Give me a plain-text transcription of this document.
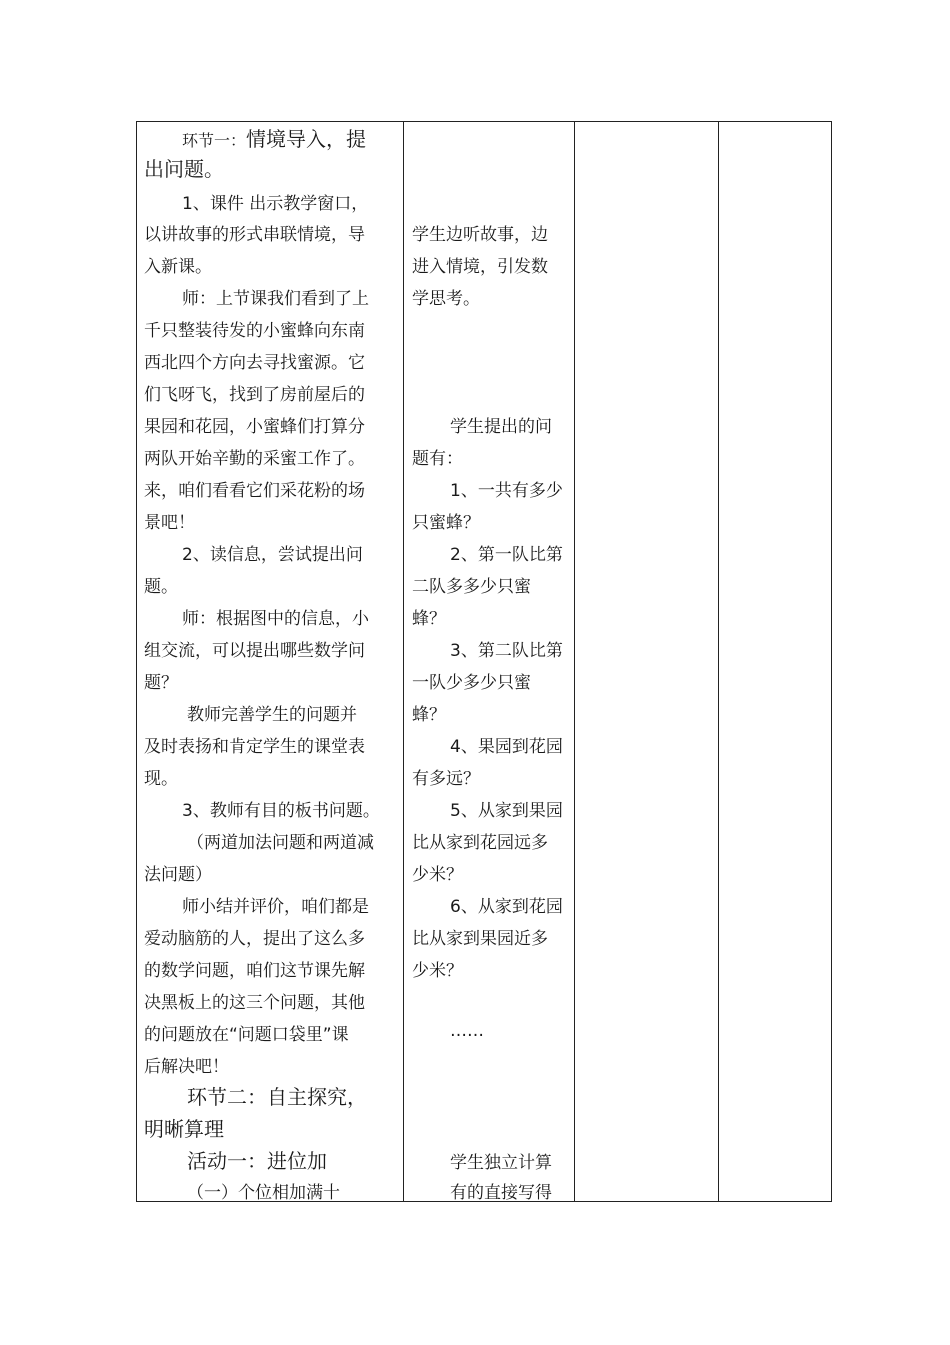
环节一：情境导入，提
出问题。
1、课件 出示教学窗口，
以讲故事的形式串联情境，导
入新课。
师：上节课我们看到了上
千只整装待发的小蜜蜂向东南
西北四个方向去寻找蜜源。它
们飞呀飞，找到了房前屋后的
果园和花园，小蜜蜂们打算分
两队开始辛勤的采蜜工作了。
来，咱们看看它们采花粉的场
景吧！
2、读信息，尝试提出问
题。
师：根据图中的信息，小
组交流，可以提出哪些数学问
题？
教师完善学生的问题并
及时表扬和肯定学生的课堂表
现。
3、教师有目的板书问题。
（两道加法问题和两道减
法问题）
师小结并评价，咱们都是
爱动脑筋的人，提出了这么多
的数学问题，咱们这节课先解
决黑板上的这三个问题，其他
的问题放在“问题口袋里”课
后解决吧！
环节二：自主探究，
明晰算理
活动一：进位加
（一）个位相加满十
学生边听故事，边
进入情境，引发数
学思考。
学生提出的问
题有：
1、一共有多少
只蜜蜂？
2、第一队比第
二队多多少只蜜
蜂？
3、第二队比第
一队少多少只蜜
蜂？
4、果园到花园
有多远？
5、从家到果园
比从家到花园远多
少米？
6、从家到花园
比从家到果园近多
少米？
……
学生独立计算
有的直接写得
